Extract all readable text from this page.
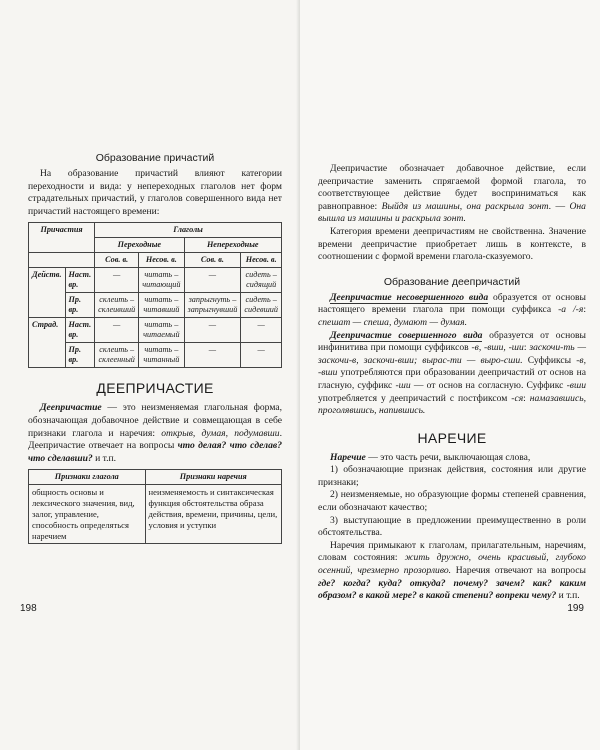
Образование причастий

На образование причастий влияют категории переходности и вида: у непереходных глаголов нет форм страдательных причастий, у глаголов совершенного вида нет причастий настоящего времени:

Причастия		Глаголы			
		Переходные		Непереходные	
		Сов. в.	Несов. в.	Сов. в.	Несов. в.
Действ.	Наст. вр.	—	читать – читающий	—	сидеть – сидящий
	Пр. вр.	склеить – склеивший	читать – читавший	запрыгнуть – запрыгнувший	сидеть – сидевший
Страд.	Наст. вр.	—	читать – читаемый	—	—
	Пр. вр.	склеить – склеенный	читать – читанный	—	—
ДЕЕПРИЧАСТИЕ

Деепричастие — это неизменяемая глагольная форма, обозначающая добавочное действие и совмещающая в себе признаки глагола и наречия: открыв, думая, подумавши. Деепричастие отвечает на вопросы что делая? что сделав? что сделавши? и т.п.

Признаки глагола	Признаки наречия
общность основы и лексического значения, вид, залог, управление, способность определяться наречием	неизменяемость и синтаксическая функция обстоятельства образа действия, времени, причины, цели, условия и уступки
198

Деепричастие обозначает добавочное действие, если деепричастие заменить спрягаемой формой глагола, то соответствующее действие будет восприниматься как равноправное: Выйдя из машины, она раскрыла зонт. — Она вышла из машины и раскрыла зонт.

Категория времени деепричастиям не свойственна. Значение времени деепричастие приобретает лишь в контексте, в соотношении с формой времени глагола-сказуемого.

Образование деепричастий

Деепричастие несовершенного вида образуется от основы настоящего времени глагола при помощи суффикса -а /-я: спешат — спеша, думают — думая.

Деепричастие совершенного вида образуется от основы инфинитива при помощи суффиксов -в, -вши, -ши: заскочи-ть — заскочи-в, заскочи-вши; вырас-ти — выро-сши. Суффиксы -в, -вши употребляются при образовании деепричастий от основ на гласную, суффикс -ши — от основ на согласную. Суффикс -вши употребляется у деепричастий с постфиксом -ся: намазавшись, проголявшись, напившись.

НАРЕЧИЕ

Наречие — это часть речи, выключающая слова,

1) обозначающие признак действия, состояния или другие признаки;

2) неизменяемые, но образующие формы степеней сравнения, если обозначают качество;

3) выступающие в предложении преимущественно в роли обстоятельства.

Наречия примыкают к глаголам, прилагательным, наречиям, словам состояния: жить дружно, очень красивый, глубоко осенний, чрезмерно прозорливо. Наречия отвечают на вопросы где? когда? куда? откуда? почему? зачем? как? каким образом? в какой мере? в какой степени? вопреки чему? и т.п.

199
